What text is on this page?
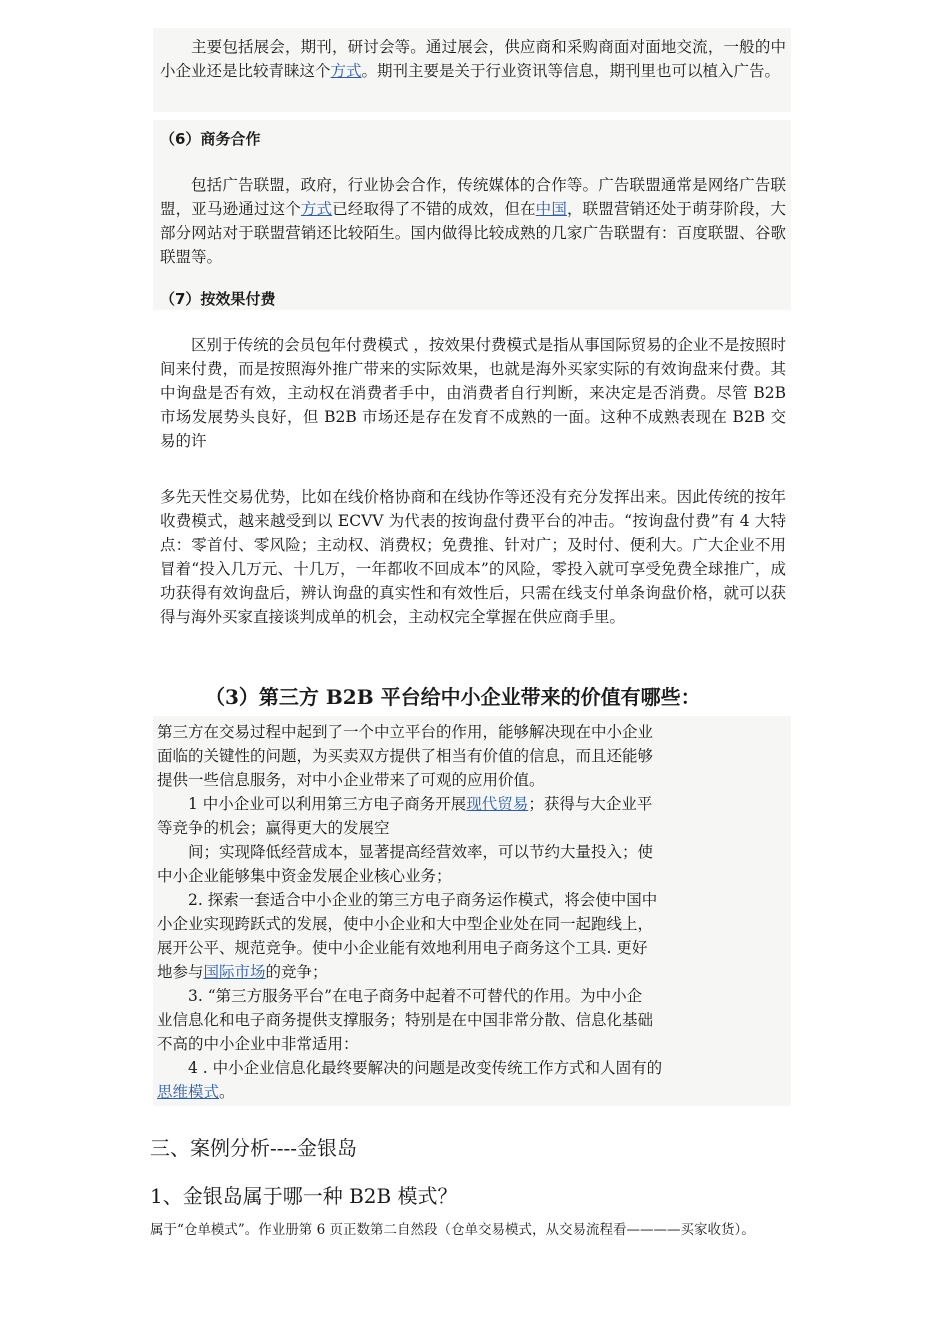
主要包括展会，期刊，研讨会等。通过展会，供应商和采购商面对面地交流，一般的中小企业还是比较青睐这个方式。期刊主要是关于行业资讯等信息，期刊里也可以植入广告。

（6）商务合作

包括广告联盟，政府，行业协会合作，传统媒体的合作等。广告联盟通常是网络广告联盟，亚马逊通过这个方式已经取得了不错的成效，但在中国，联盟营销还处于萌芽阶段，大部分网站对于联盟营销还比较陌生。国内做得比较成熟的几家广告联盟有：百度联盟、谷歌联盟等。

（7）按效果付费

区别于传统的会员包年付费模式 ，按效果付费模式是指从事国际贸易的企业不是按照时间来付费，而是按照海外推广带来的实际效果，也就是海外买家实际的有效询盘来付费。其中询盘是否有效，主动权在消费者手中，由消费者自行判断，来决定是否消费。尽管 B2B 市场发展势头良好，但 B2B 市场还是存在发育不成熟的一面。这种不成熟表现在 B2B 交易的许

多先天性交易优势，比如在线价格协商和在线协作等还没有充分发挥出来。因此传统的按年收费模式，越来越受到以 ECVV 为代表的按询盘付费平台的冲击。“按询盘付费”有 4 大特点：零首付、零风险；主动权、消费权；免费推、针对广；及时付、便利大。广大企业不用冒着“投入几万元、十几万，一年都收不回成本”的风险，零投入就可享受免费全球推广，成功获得有效询盘后，辨认询盘的真实性和有效性后，只需在线支付单条询盘价格，就可以获得与海外买家直接谈判成单的机会，主动权完全掌握在供应商手里。

（3）第三方 B2B 平台给中小企业带来的价值有哪些：

第三方在交易过程中起到了一个中立平台的作用，能够解决现在中小企业

面临的关键性的问题，为买卖双方提供了相当有价值的信息，而且还能够

提供一些信息服务，对中小企业带来了可观的应用价值。

　　1 中小企业可以利用第三方电子商务开展现代贸易；获得与大企业平

等竞争的机会；赢得更大的发展空

　　间；实现降低经营成本，显著提高经营效率，可以节约大量投入；使

中小企业能够集中资金发展企业核心业务；

　　2. 探索一套适合中小企业的第三方电子商务运作模式，将会使中国中

小企业实现跨跃式的发展，使中小企业和大中型企业处在同一起跑线上，

展开公平、规范竞争。使中小企业能有效地利用电子商务这个工具. 更好

地参与国际市场的竞争；

　　3. “第三方服务平台”在电子商务中起着不可替代的作用。为中小企

业信息化和电子商务提供支撑服务；特别是在中国非常分散、信息化基础

不高的中小企业中非常适用：

　　4 . 中小企业信息化最终要解决的问题是改变传统工作方式和人固有的

思维模式。

三、案例分析----金银岛
1、金银岛属于哪一种 B2B 模式？

属于“仓单模式”。作业册第 6 页正数第二自然段（仓单交易模式，从交易流程看————买家收货）。
